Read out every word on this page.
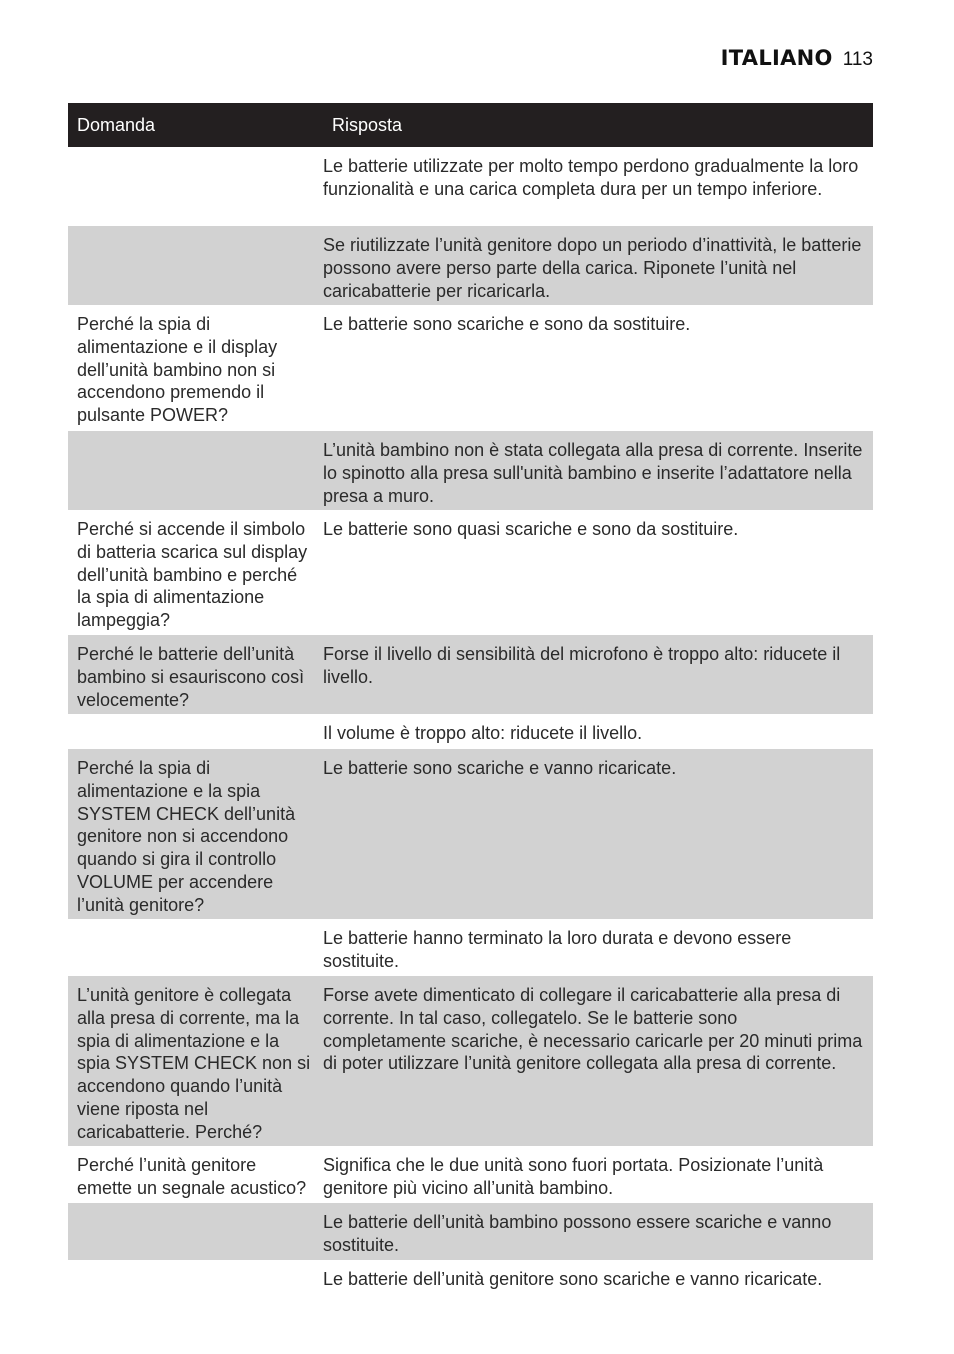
ITALIANO 113
Domanda	Risposta
Le batterie utilizzate per molto tempo perdono gradualmente la loro funzionalità e una carica completa dura per un tempo inferiore.
Se riutilizzate l’unità genitore dopo un periodo d’inattività, le batterie possono avere perso parte della carica. Riponete l’unità nel caricabatterie per ricaricarla.
Perché la spia di alimentazione e il display dell’unità bambino non si accendono premendo il pulsante POWER?
Le batterie sono scariche e sono da sostituire.
L’unità bambino non è stata collegata alla presa di corrente. Inserite lo spinotto alla presa sull'unità bambino e inserite l’adattatore nella presa a muro.
Perché si accende il simbolo di batteria scarica sul display dell’unità bambino e perché la spia di alimentazione lampeggia?
Le batterie sono quasi scariche e sono da sostituire.
Perché le batterie dell’unità bambino si esauriscono così velocemente?
Forse il livello di sensibilità del microfono è troppo alto: riducete il livello.
Il volume è troppo alto: riducete il livello.
Perché la spia di alimentazione e la spia SYSTEM CHECK dell’unità genitore non si accendono quando si gira il controllo VOLUME per accendere l’unità genitore?
Le batterie sono scariche e vanno ricaricate.
Le batterie hanno terminato la loro durata e devono essere sostituite.
L’unità genitore è collegata alla presa di corrente, ma la spia di alimentazione e la spia SYSTEM CHECK non si accendono quando l’unità viene riposta nel caricabatterie. Perché?
Forse avete dimenticato di collegare il caricabatterie alla presa di corrente. In tal caso, collegatelo. Se le batterie sono completamente scariche, è necessario caricarle per 20 minuti prima di poter utilizzare l’unità genitore collegata alla presa di corrente.
Perché l’unità genitore emette un segnale acustico?
Significa che le due unità sono fuori portata. Posizionate l’unità genitore più vicino all’unità bambino.
Le batterie dell’unità bambino possono essere scariche e vanno sostituite.
Le batterie dell’unità genitore sono scariche e vanno ricaricate.
